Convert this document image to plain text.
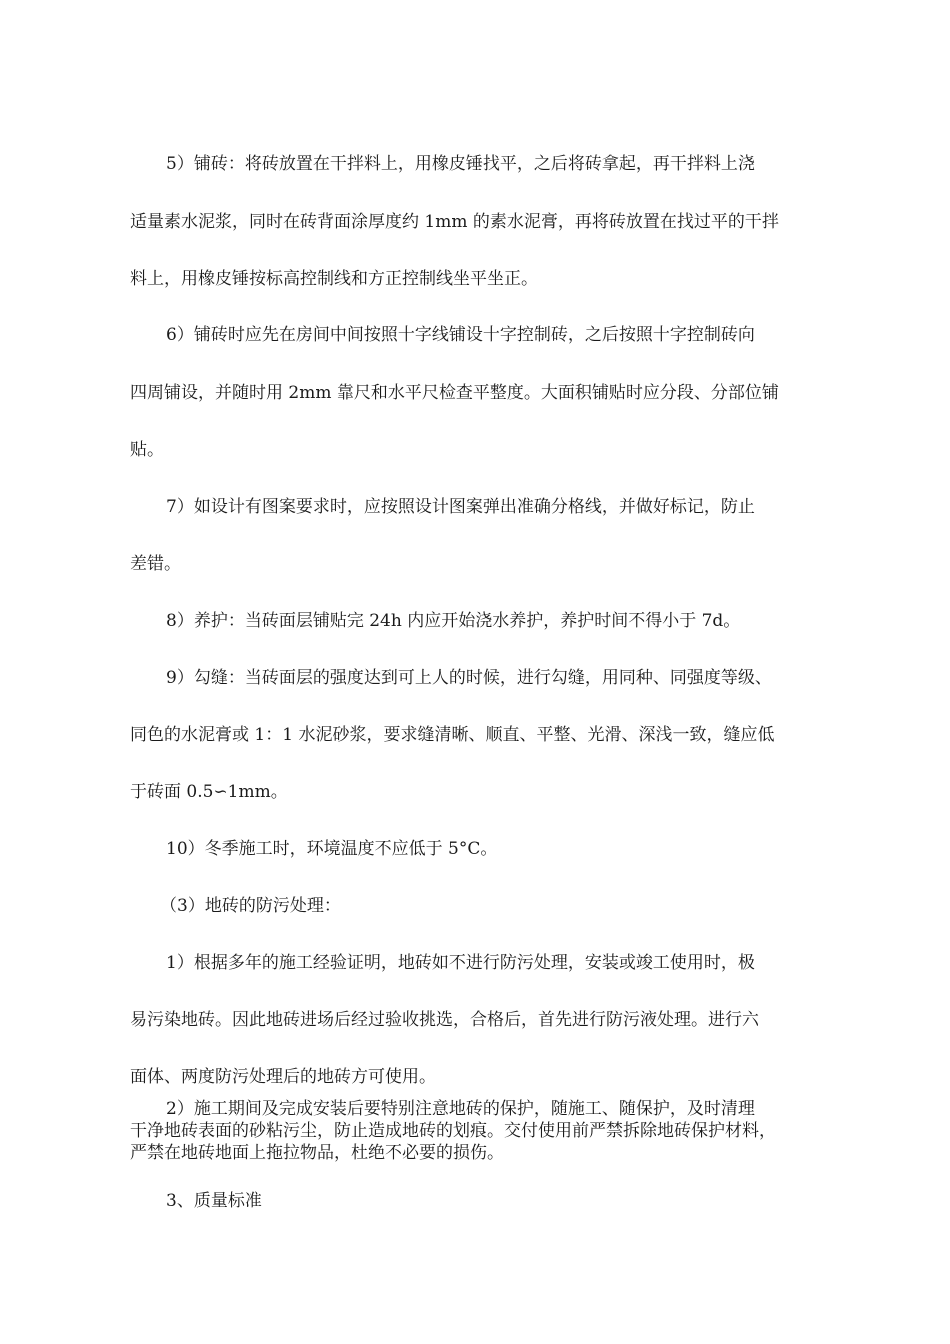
5）铺砖：将砖放置在干拌料上，用橡皮锤找平，之后将砖拿起，再干拌料上浇
适量素水泥浆，同时在砖背面涂厚度约 1mm 的素水泥膏，再将砖放置在找过平的干拌
料上，用橡皮锤按标高控制线和方正控制线坐平坐正。
6）铺砖时应先在房间中间按照十字线铺设十字控制砖，之后按照十字控制砖向
四周铺设，并随时用 2mm 靠尺和水平尺检查平整度。大面积铺贴时应分段、分部位铺
贴。
7）如设计有图案要求时，应按照设计图案弹出准确分格线，并做好标记，防止
差错。
8）养护：当砖面层铺贴完 24h 内应开始浇水养护，养护时间不得小于 7d。
9）勾缝：当砖面层的强度达到可上人的时候，进行勾缝，用同种、同强度等级、
同色的水泥膏或 1：1 水泥砂浆，要求缝清晰、顺直、平整、光滑、深浅一致，缝应低
于砖面 0.5∽1mm。
10）冬季施工时，环境温度不应低于 5°C。
（3）地砖的防污处理：
1）根据多年的施工经验证明，地砖如不进行防污处理，安装或竣工使用时，极
易污染地砖。因此地砖进场后经过验收挑选，合格后，首先进行防污液处理。进行六
面体、两度防污处理后的地砖方可使用。
2）施工期间及完成安装后要特别注意地砖的保护，随施工、随保护，及时清理
干净地砖表面的砂粘污尘，防止造成地砖的划痕。交付使用前严禁拆除地砖保护材料，
严禁在地砖地面上拖拉物品，杜绝不必要的损伤。
3、质量标准
